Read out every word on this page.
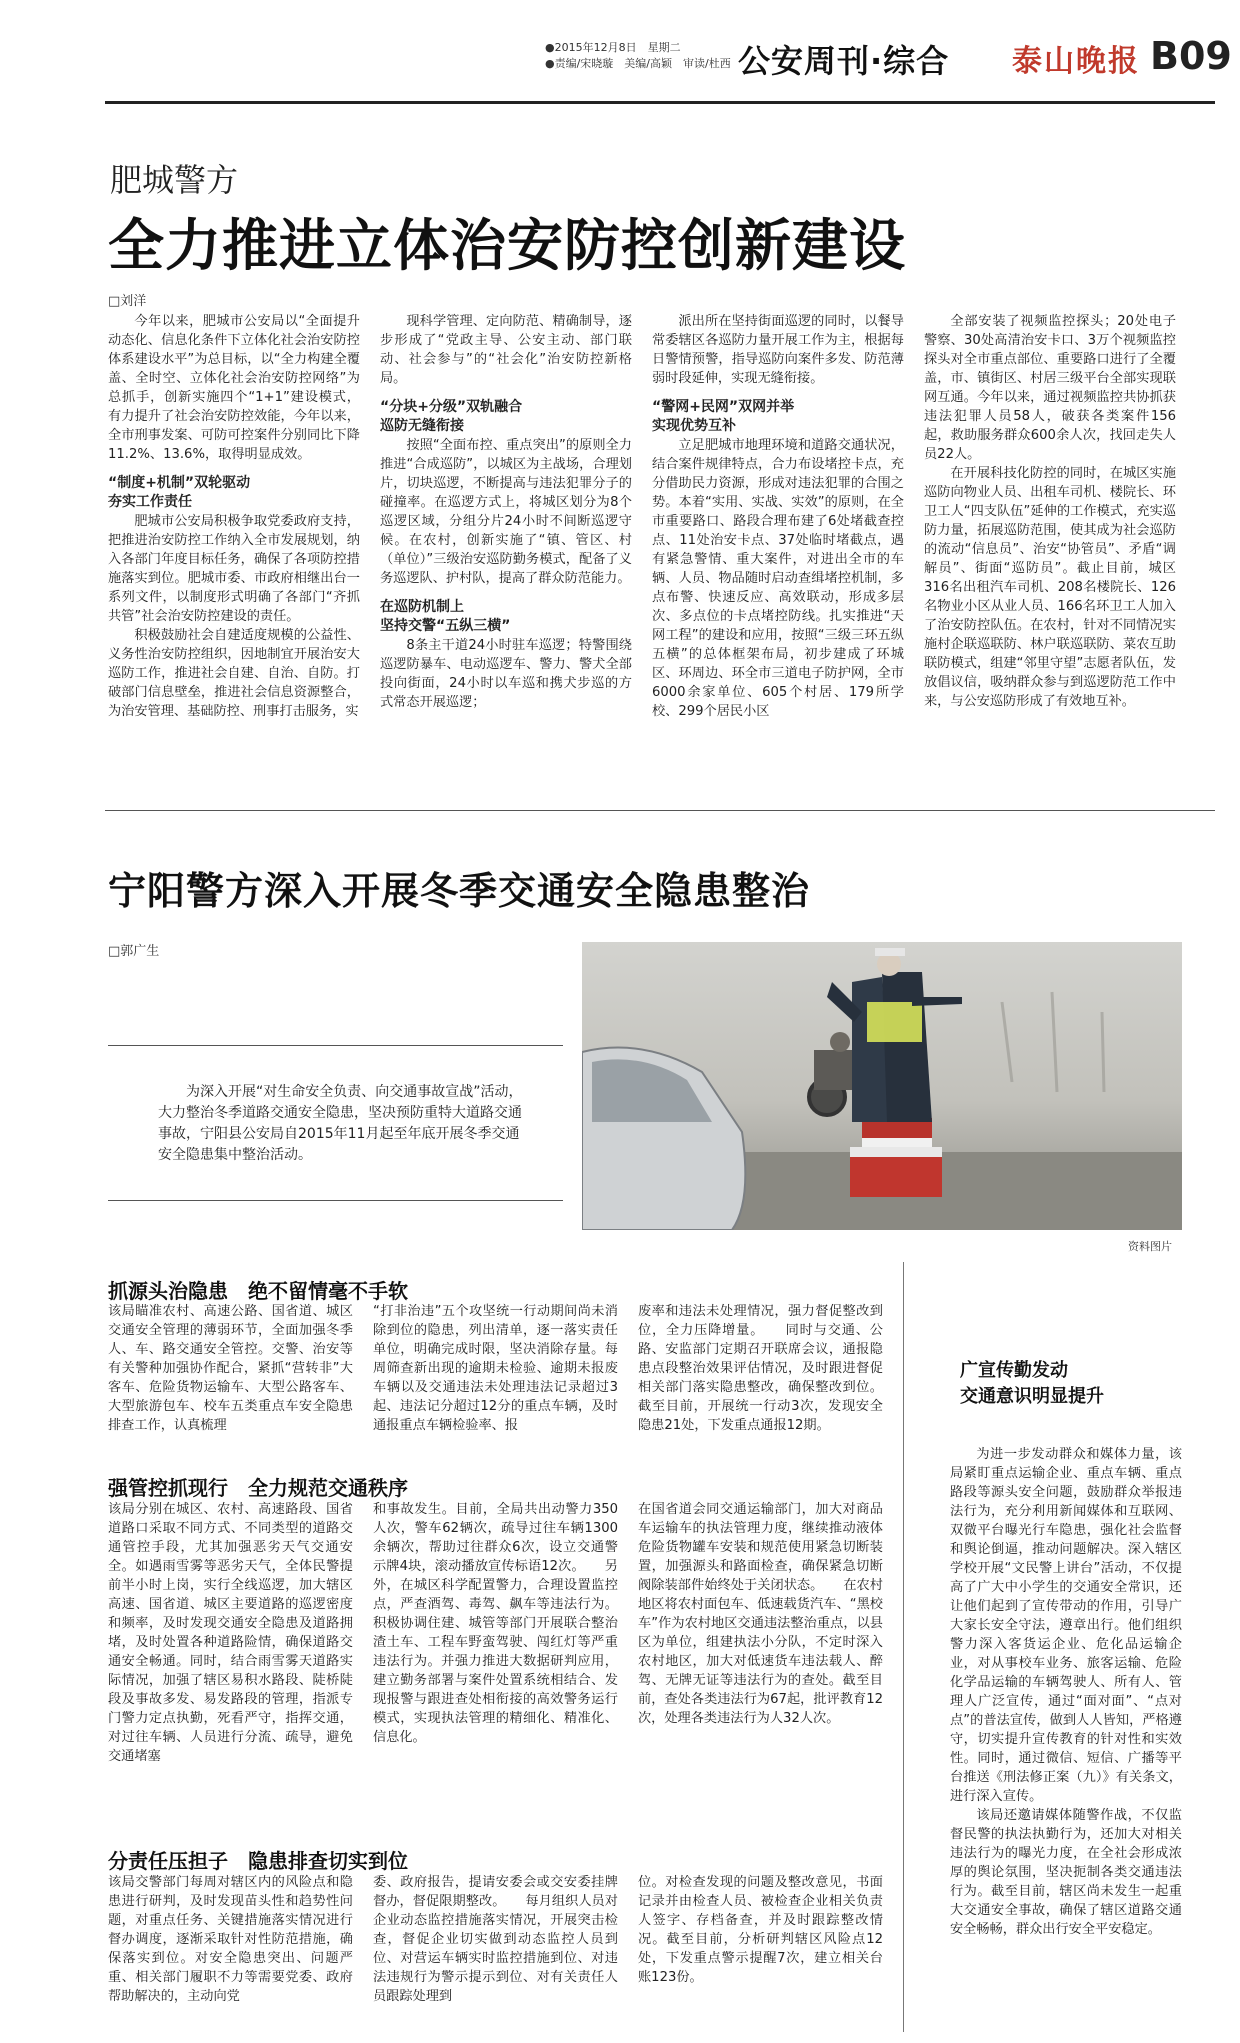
●2015年12月8日　星期二
●责编/宋晓璇　美编/高颖　审读/杜西 公安周刊·综合 泰山晚报 B09
肥城警方
全力推进立体治安防控创新建设
□刘洋

今年以来，肥城市公安局以“全面提升动态化、信息化条件下立体化社会治安防控体系建设水平”为总目标，以“全力构建全覆盖、全时空、立体化社会治安防控网络”为总抓手，创新实施四个“1+1”建设模式，有力提升了社会治安防控效能，今年以来，全市刑事发案、可防可控案件分别同比下降11.2%、13.6%，取得明显成效。

“制度+机制”双轮驱动

夯实工作责任

肥城市公安局积极争取党委政府支持，把推进治安防控工作纳入全市发展规划，纳入各部门年度目标任务，确保了各项防控措施落实到位。肥城市委、市政府相继出台一系列文件，以制度形式明确了各部门“齐抓共管”社会治安防控建设的责任。

积极鼓励社会自建适度规模的公益性、义务性治安防控组织，因地制宜开展治安大巡防工作，推进社会自建、自治、自防。打破部门信息壁垒，推进社会信息资源整合，为治安管理、基础防控、刑事打击服务，实

现科学管理、定向防范、精确制导，逐步形成了“党政主导、公安主动、部门联动、社会参与”的“社会化”治安防控新格局。

“分块+分级”双轨融合

巡防无缝衔接

按照“全面布控、重点突出”的原则全力推进“合成巡防”，以城区为主战场，合理划片，切块巡逻，不断提高与违法犯罪分子的碰撞率。在巡逻方式上，将城区划分为8个巡逻区域，分组分片24小时不间断巡逻守候。在农村，创新实施了“镇、管区、村（单位）”三级治安巡防勤务模式，配备了义务巡逻队、护村队，提高了群众防范能力。

在巡防机制上

坚持交警“五纵三横”

8条主干道24小时驻车巡逻；特警围绕巡逻防暴车、电动巡逻车、警力、警犬全部投向街面，24小时以车巡和携犬步巡的方式常态开展巡逻；

派出所在坚持街面巡逻的同时，以餐导常委辖区各巡防力量开展工作为主，根据每日警情预警，指导巡防向案件多发、防范薄弱时段延伸，实现无缝衔接。

“警网+民网”双网并举

实现优势互补

立足肥城市地理环境和道路交通状况，结合案件规律特点，合力布设堵控卡点，充分借助民力资源，形成对违法犯罪的合围之势。本着“实用、实战、实效”的原则，在全市重要路口、路段合理布建了6处堵截查控点、11处治安卡点、37处临时堵截点，遇有紧急警情、重大案件，对进出全市的车辆、人员、物品随时启动查缉堵控机制，多点布警、快速反应、高效联动，形成多层次、多点位的卡点堵控防线。扎实推进“天网工程”的建设和应用，按照“三级三环五纵五横”的总体框架布局，初步建成了环城区、环周边、环全市三道电子防护网，全市6000余家单位、605个村居、179所学校、299个居民小区

全部安装了视频监控探头；20处电子警察、30处高清治安卡口、3万个视频监控探头对全市重点部位、重要路口进行了全覆盖，市、镇街区、村居三级平台全部实现联网互通。今年以来，通过视频监控共协抓获违法犯罪人员58人，破获各类案件156起，救助服务群众600余人次，找回走失人员22人。

在开展科技化防控的同时，在城区实施巡防向物业人员、出租车司机、楼院长、环卫工人“四支队伍”延伸的工作模式，充实巡防力量，拓展巡防范围，使其成为社会巡防的流动“信息员”、治安“协管员”、矛盾“调解员”、街面“巡防员”。截止目前，城区316名出租汽车司机、208名楼院长、126名物业小区从业人员、166名环卫工人加入了治安防控队伍。在农村，针对不同情况实施村企联巡联防、林户联巡联防、菜农互助联防模式，组建“邻里守望”志愿者队伍，发放倡议信，吸纳群众参与到巡逻防范工作中来，与公安巡防形成了有效地互补。

宁阳警方深入开展冬季交通安全隐患整治
□郭广生
为深入开展“对生命安全负责、向交通事故宣战”活动，大力整治冬季道路交通安全隐患，坚决预防重特大道路交通事故，宁阳县公安局自2015年11月起至年底开展冬季交通安全隐患集中整治活动。
资料图片
抓源头治隐患　绝不留情毫不手软
该局瞄准农村、高速公路、国省道、城区交通安全管理的薄弱环节，全面加强冬季人、车、路交通安全管控。交警、治安等有关警种加强协作配合，紧抓“营转非”大客车、危险货物运输车、大型公路客车、大型旅游包车、校车五类重点车安全隐患排查工作，认真梳理
“打非治违”五个攻坚统一行动期间尚未消除到位的隐患，列出清单，逐一落实责任单位，明确完成时限，坚决消除存量。每周筛查新出现的逾期未检验、逾期未报废车辆以及交通违法未处理违法记录超过3起、违法记分超过12分的重点车辆，及时通报重点车辆检验率、报
废率和违法未处理情况，强力督促整改到位，全力压降增量。　　同时与交通、公路、安监部门定期召开联席会议，通报隐患点段整治效果评估情况，及时跟进督促相关部门落实隐患整改，确保整改到位。截至目前，开展统一行动3次，发现安全隐患21处，下发重点通报12期。
强管控抓现行　全力规范交通秩序
该局分别在城区、农村、高速路段、国省道路口采取不同方式、不同类型的道路交通管控手段，尤其加强恶劣天气交通安全。如遇雨雪雾等恶劣天气，全体民警提前半小时上岗，实行全线巡逻，加大辖区高速、国省道、城区主要道路的巡逻密度和频率，及时发现交通安全隐患及道路拥堵，及时处置各种道路险情，确保道路交通安全畅通。同时，结合雨雪雾天道路实际情况，加强了辖区易积水路段、陡桥陡段及事故多发、易发路段的管理，指派专门警力定点执勤，死看严守，指挥交通，对过往车辆、人员进行分流、疏导，避免交通堵塞
和事故发生。目前，全局共出动警力350人次，警车62辆次，疏导过往车辆1300余辆次，帮助过往群众6次，设立交通警示牌4块，滚动播放宣传标语12次。　　另外，在城区科学配置警力，合理设置监控点，严查酒驾、毒驾、飙车等违法行为。积极协调住建、城管等部门开展联合整治渣土车、工程车野蛮驾驶、闯红灯等严重违法行为。并强力推进大数据研判应用，建立勤务部署与案件处置系统相结合、发现报警与跟进查处相衔接的高效警务运行模式，实现执法管理的精细化、精准化、信息化。
在国省道会同交通运输部门，加大对商品车运输车的执法管理力度，继续推动液体危险货物罐车安装和规范使用紧急切断装置，加强源头和路面检查，确保紧急切断阀除装部件始终处于关闭状态。　　在农村地区将农村面包车、低速载货汽车、“黑校车”作为农村地区交通违法整治重点，以县区为单位，组建执法小分队，不定时深入农村地区，加大对低速货车违法载人、醉驾、无牌无证等违法行为的查处。截至目前，查处各类违法行为67起，批评教育12次，处理各类违法行为人32人次。
分责任压担子　隐患排查切实到位
该局交警部门每周对辖区内的风险点和隐患进行研判，及时发现苗头性和趋势性问题，对重点任务、关键措施落实情况进行督办调度，逐渐采取针对性防范措施，确保落实到位。对安全隐患突出、问题严重、相关部门履职不力等需要党委、政府帮助解决的，主动向党
委、政府报告，提请安委会或交安委挂牌督办，督促限期整改。　　每月组织人员对企业动态监控措施落实情况，开展突击检查，督促企业切实做到动态监控人员到位、对营运车辆实时监控措施到位、对违法违规行为警示提示到位、对有关责任人员跟踪处理到
位。对检查发现的问题及整改意见，书面记录并由检查人员、被检查企业相关负责人签字、存档备查，并及时跟踪整改情况。截至目前，分析研判辖区风险点12处，下发重点警示提醒7次，建立相关台账123份。
广宣传勤发动
交通意识明显提升

为进一步发动群众和媒体力量，该局紧盯重点运输企业、重点车辆、重点路段等源头安全问题，鼓励群众举报违法行为，充分利用新闻媒体和互联网、双微平台曝光行车隐患，强化社会监督和舆论倒逼，推动问题解决。深入辖区学校开展“文民警上讲台”活动，不仅提高了广大中小学生的交通安全常识，还让他们起到了宣传带动的作用，引导广大家长安全守法，遵章出行。他们组织警力深入客货运企业、危化品运输企业，对从事校车业务、旅客运输、危险化学品运输的车辆驾驶人、所有人、管理人广泛宣传，通过“面对面”、“点对点”的普法宣传，做到人人皆知，严格遵守，切实提升宣传教育的针对性和实效性。同时，通过微信、短信、广播等平台推送《刑法修正案（九）》有关条文，进行深入宣传。

该局还邀请媒体随警作战，不仅监督民警的执法执勤行为，还加大对相关违法行为的曝光力度，在全社会形成浓厚的舆论氛围，坚决扼制各类交通违法行为。截至目前，辖区尚未发生一起重大交通安全事故，确保了辖区道路交通安全畅畅，群众出行安全平安稳定。
